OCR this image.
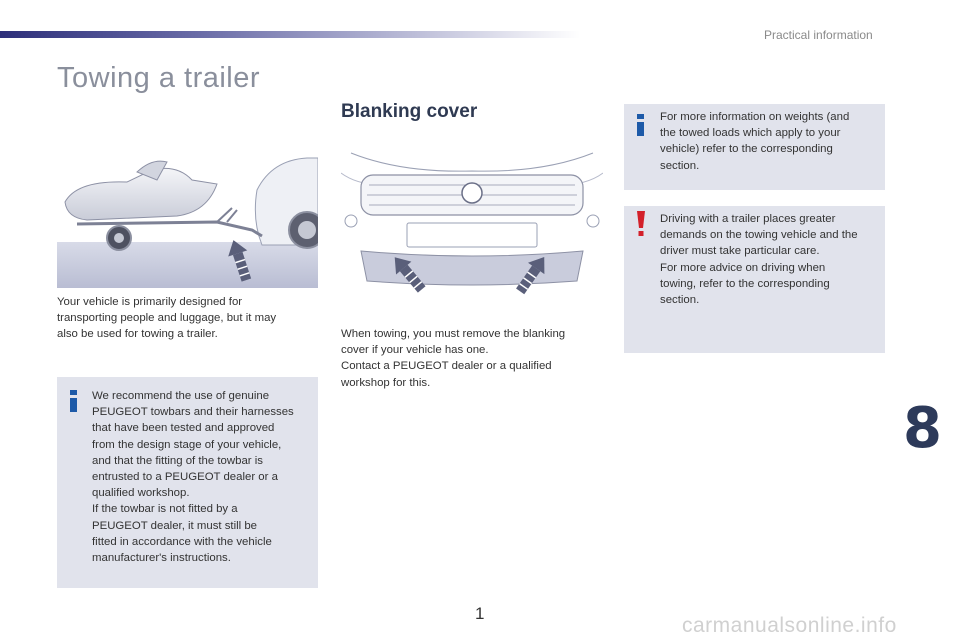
Practical information
Towing a trailer

Your vehicle is primarily designed for
transporting people and luggage, but it may
also be used for towing a trailer.

We recommend the use of genuine
PEUGEOT towbars and their harnesses
that have been tested and approved
from the design stage of your vehicle,
and that the fitting of the towbar is
entrusted to a PEUGEOT dealer or a
qualified workshop.
If the towbar is not fitted by a
PEUGEOT dealer, it must still be
fitted in accordance with the vehicle
manufacturer's instructions.

Blanking cover

When towing, you must remove the blanking
cover if your vehicle has one.
Contact a PEUGEOT dealer or a qualified
workshop for this.

For more information on weights (and
the towed loads which apply to your
vehicle) refer to the corresponding
section.

Driving with a trailer places greater
demands on the towing vehicle and the
driver must take particular care.
For more advice on driving when
towing, refer to the corresponding
section.

8
1
carmanualsonline.info
